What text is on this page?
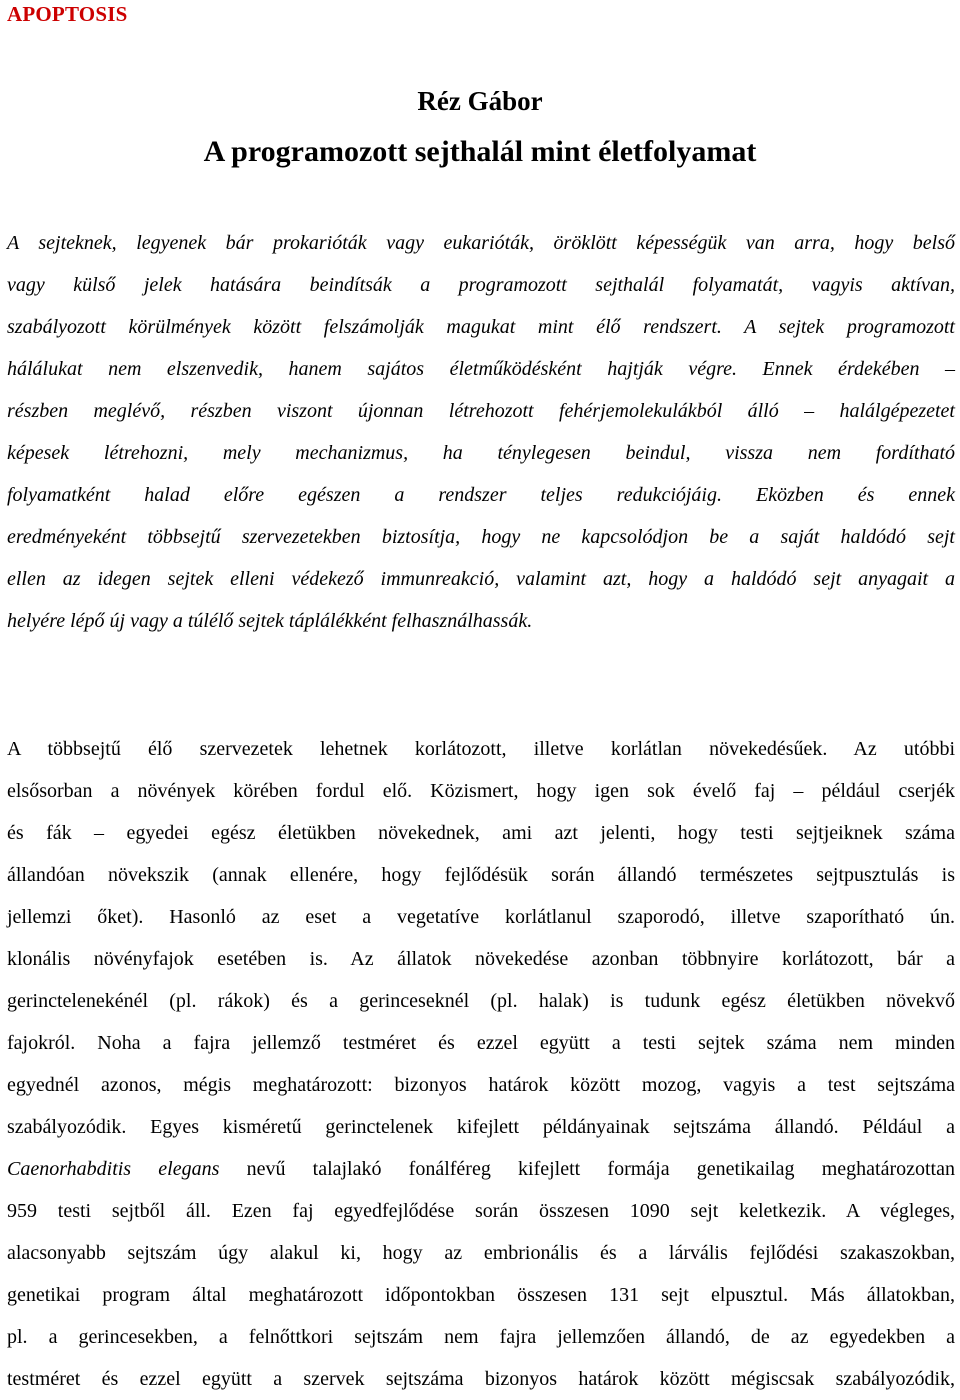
APOPTOSIS
Réz Gábor
A programozott sejthalál mint életfolyamat
A sejteknek, legyenek bár prokarióták vagy eukarióták, öröklött képességük van arra, hogy belső
vagy külső jelek hatására beindítsák a programozott sejthalál folyamatát, vagyis aktívan,
szabályozott körülmények között felszámolják magukat mint élő rendszert. A sejtek programozott
hálálukat nem elszenvedik, hanem sajátos életműködésként hajtják végre. Ennek érdekében –
részben meglévő, részben viszont újonnan létrehozott fehérjemolekulákból álló – halálgépezetet
képesek létrehozni, mely mechanizmus, ha ténylegesen beindul, vissza nem fordítható
folyamatként halad előre egészen a rendszer teljes redukciójáig. Eközben és ennek
eredményeként többsejtű szervezetekben biztosítja, hogy ne kapcsolódjon be a saját haldódó sejt
ellen az idegen sejtek elleni védekező immunreakció, valamint azt, hogy a haldódó sejt anyagait a
helyére lépő új vagy a túlélő sejtek táplálékként felhasználhassák.
A többsejtű élő szervezetek lehetnek korlátozott, illetve korlátlan növekedésűek. Az utóbbi
elsősorban a növények körében fordul elő. Közismert, hogy igen sok évelő faj – például cserjék
és fák – egyedei egész életükben növekednek, ami azt jelenti, hogy testi sejtjeiknek száma
állandóan növekszik (annak ellenére, hogy fejlődésük során állandó természetes sejtpusztulás is
jellemzi őket). Hasonló az eset a vegetatíve korlátlanul szaporodó, illetve szaporítható ún.
klonális növényfajok esetében is. Az állatok növekedése azonban többnyire korlátozott, bár a
gerinctelenekénél (pl. rákok) és a gerinceseknél (pl. halak) is tudunk egész életükben növekvő
fajokról. Noha a fajra jellemző testméret és ezzel együtt a testi sejtek száma nem minden
egyednél azonos, mégis meghatározott: bizonyos határok között mozog, vagyis a test sejtszáma
szabályozódik. Egyes kisméretű gerinctelenek kifejlett példányainak sejtszáma állandó. Például a
Caenorhabditis elegans nevű talajlakó fonálféreg kifejlett formája genetikailag meghatározottan
959 testi sejtből áll. Ezen faj egyedfejlődése során összesen 1090 sejt keletkezik. A végleges,
alacsonyabb sejtszám úgy alakul ki, hogy az embrionális és a lárvális fejlődési szakaszokban,
genetikai program által meghatározott időpontokban összesen 131 sejt elpusztul. Más állatokban,
pl. a gerincesekben, a felnőttkori sejtszám nem fajra jellemzően állandó, de az egyedekben a
testméret és ezzel együtt a szervek sejtszáma bizonyos határok között mégiscsak szabályozódik,
